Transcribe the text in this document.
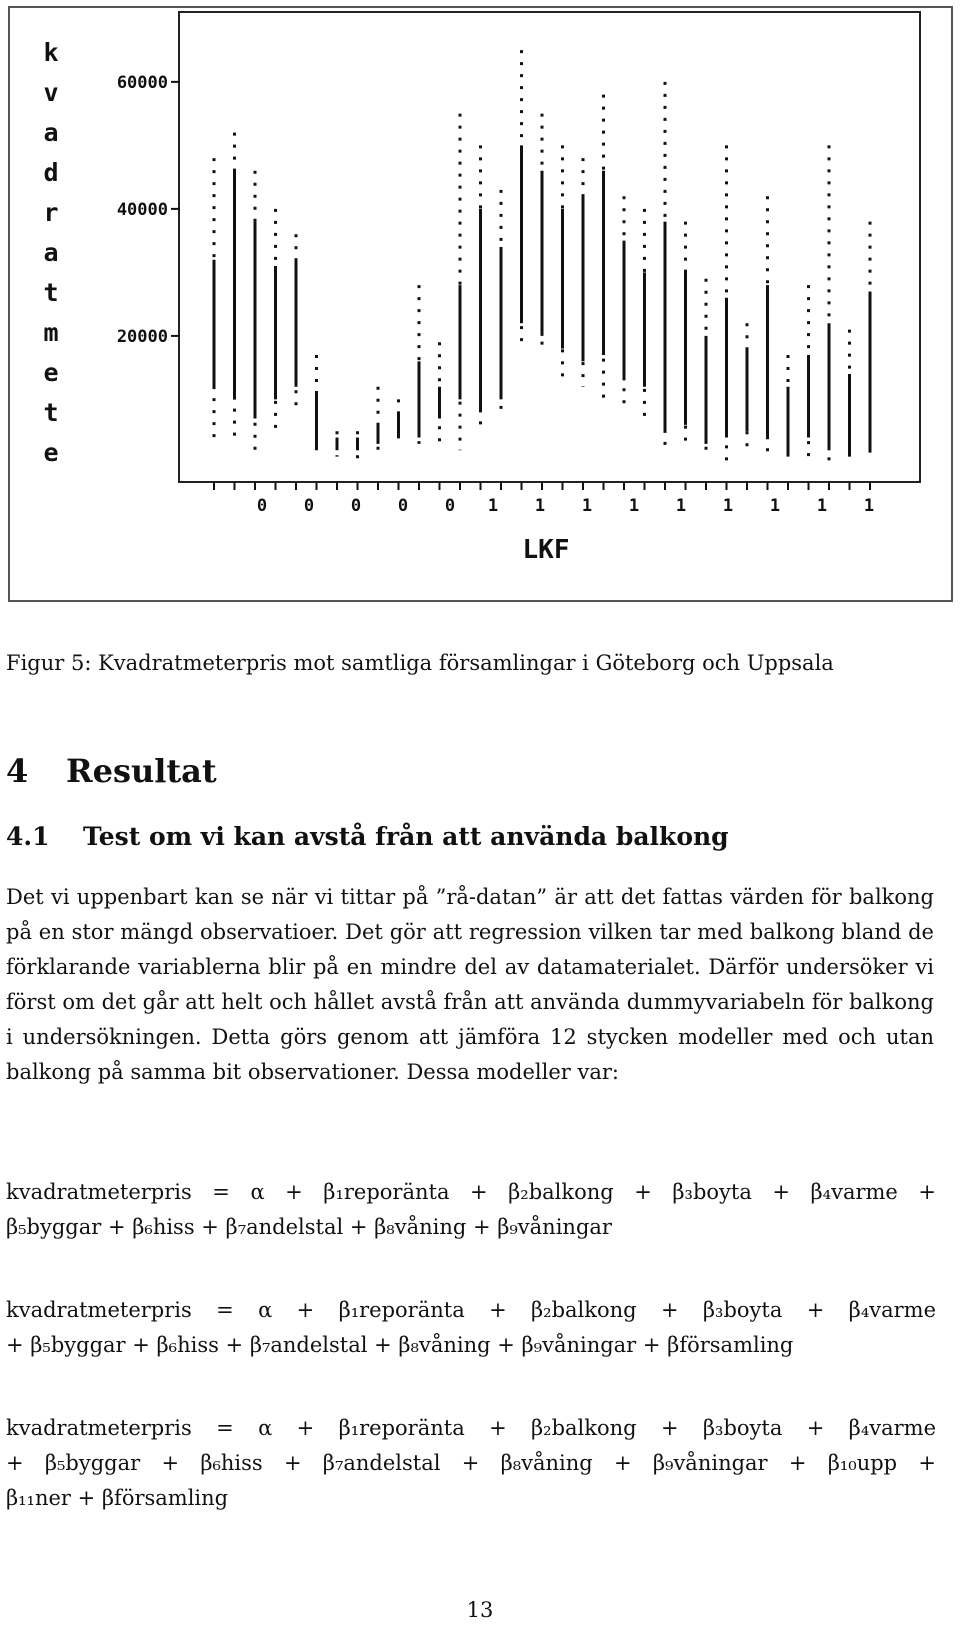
k
v
a
d
r
a
t
m
e
t
e
20000
40000
60000
0 0 0 0 0 1 1 1 1 1 1 1 1 1
LKF

Figur 5: Kvadratmeterpris mot samtliga församlingar i Göteborg och Uppsala

4 Resultat
4.1 Test om vi kan avstå från att använda balkong

Det vi uppenbart kan se när vi tittar på ”rå-datan” är att det fattas värden för balkong på en stor mängd observatioer. Det gör att regression vilken tar med balkong bland de förklarande variablerna blir på en mindre del av datamaterialet. Därför undersöker vi först om det går att helt och hållet avstå från att använda dummyvariabeln för balkong i undersökningen. Detta görs genom att jämföra 12 stycken modeller med och utan balkong på samma bit observationer. Dessa modeller var:

kvadratmeterpris = α + β₁reporänta + β₂balkong + β₃boyta + β₄varme +
β₅byggar + β₆hiss + β₇andelstal + β₈våning + β₉våningar
kvadratmeterpris = α + β₁reporänta + β₂balkong + β₃boyta + β₄varme
+ β₅byggar + β₆hiss + β₇andelstal + β₈våning + β₉våningar + βförsamling
kvadratmeterpris = α + β₁reporänta + β₂balkong + β₃boyta + β₄varme
+ β₅byggar + β₆hiss + β₇andelstal + β₈våning + β₉våningar + β₁₀upp +
β₁₁ner + βförsamling
13
